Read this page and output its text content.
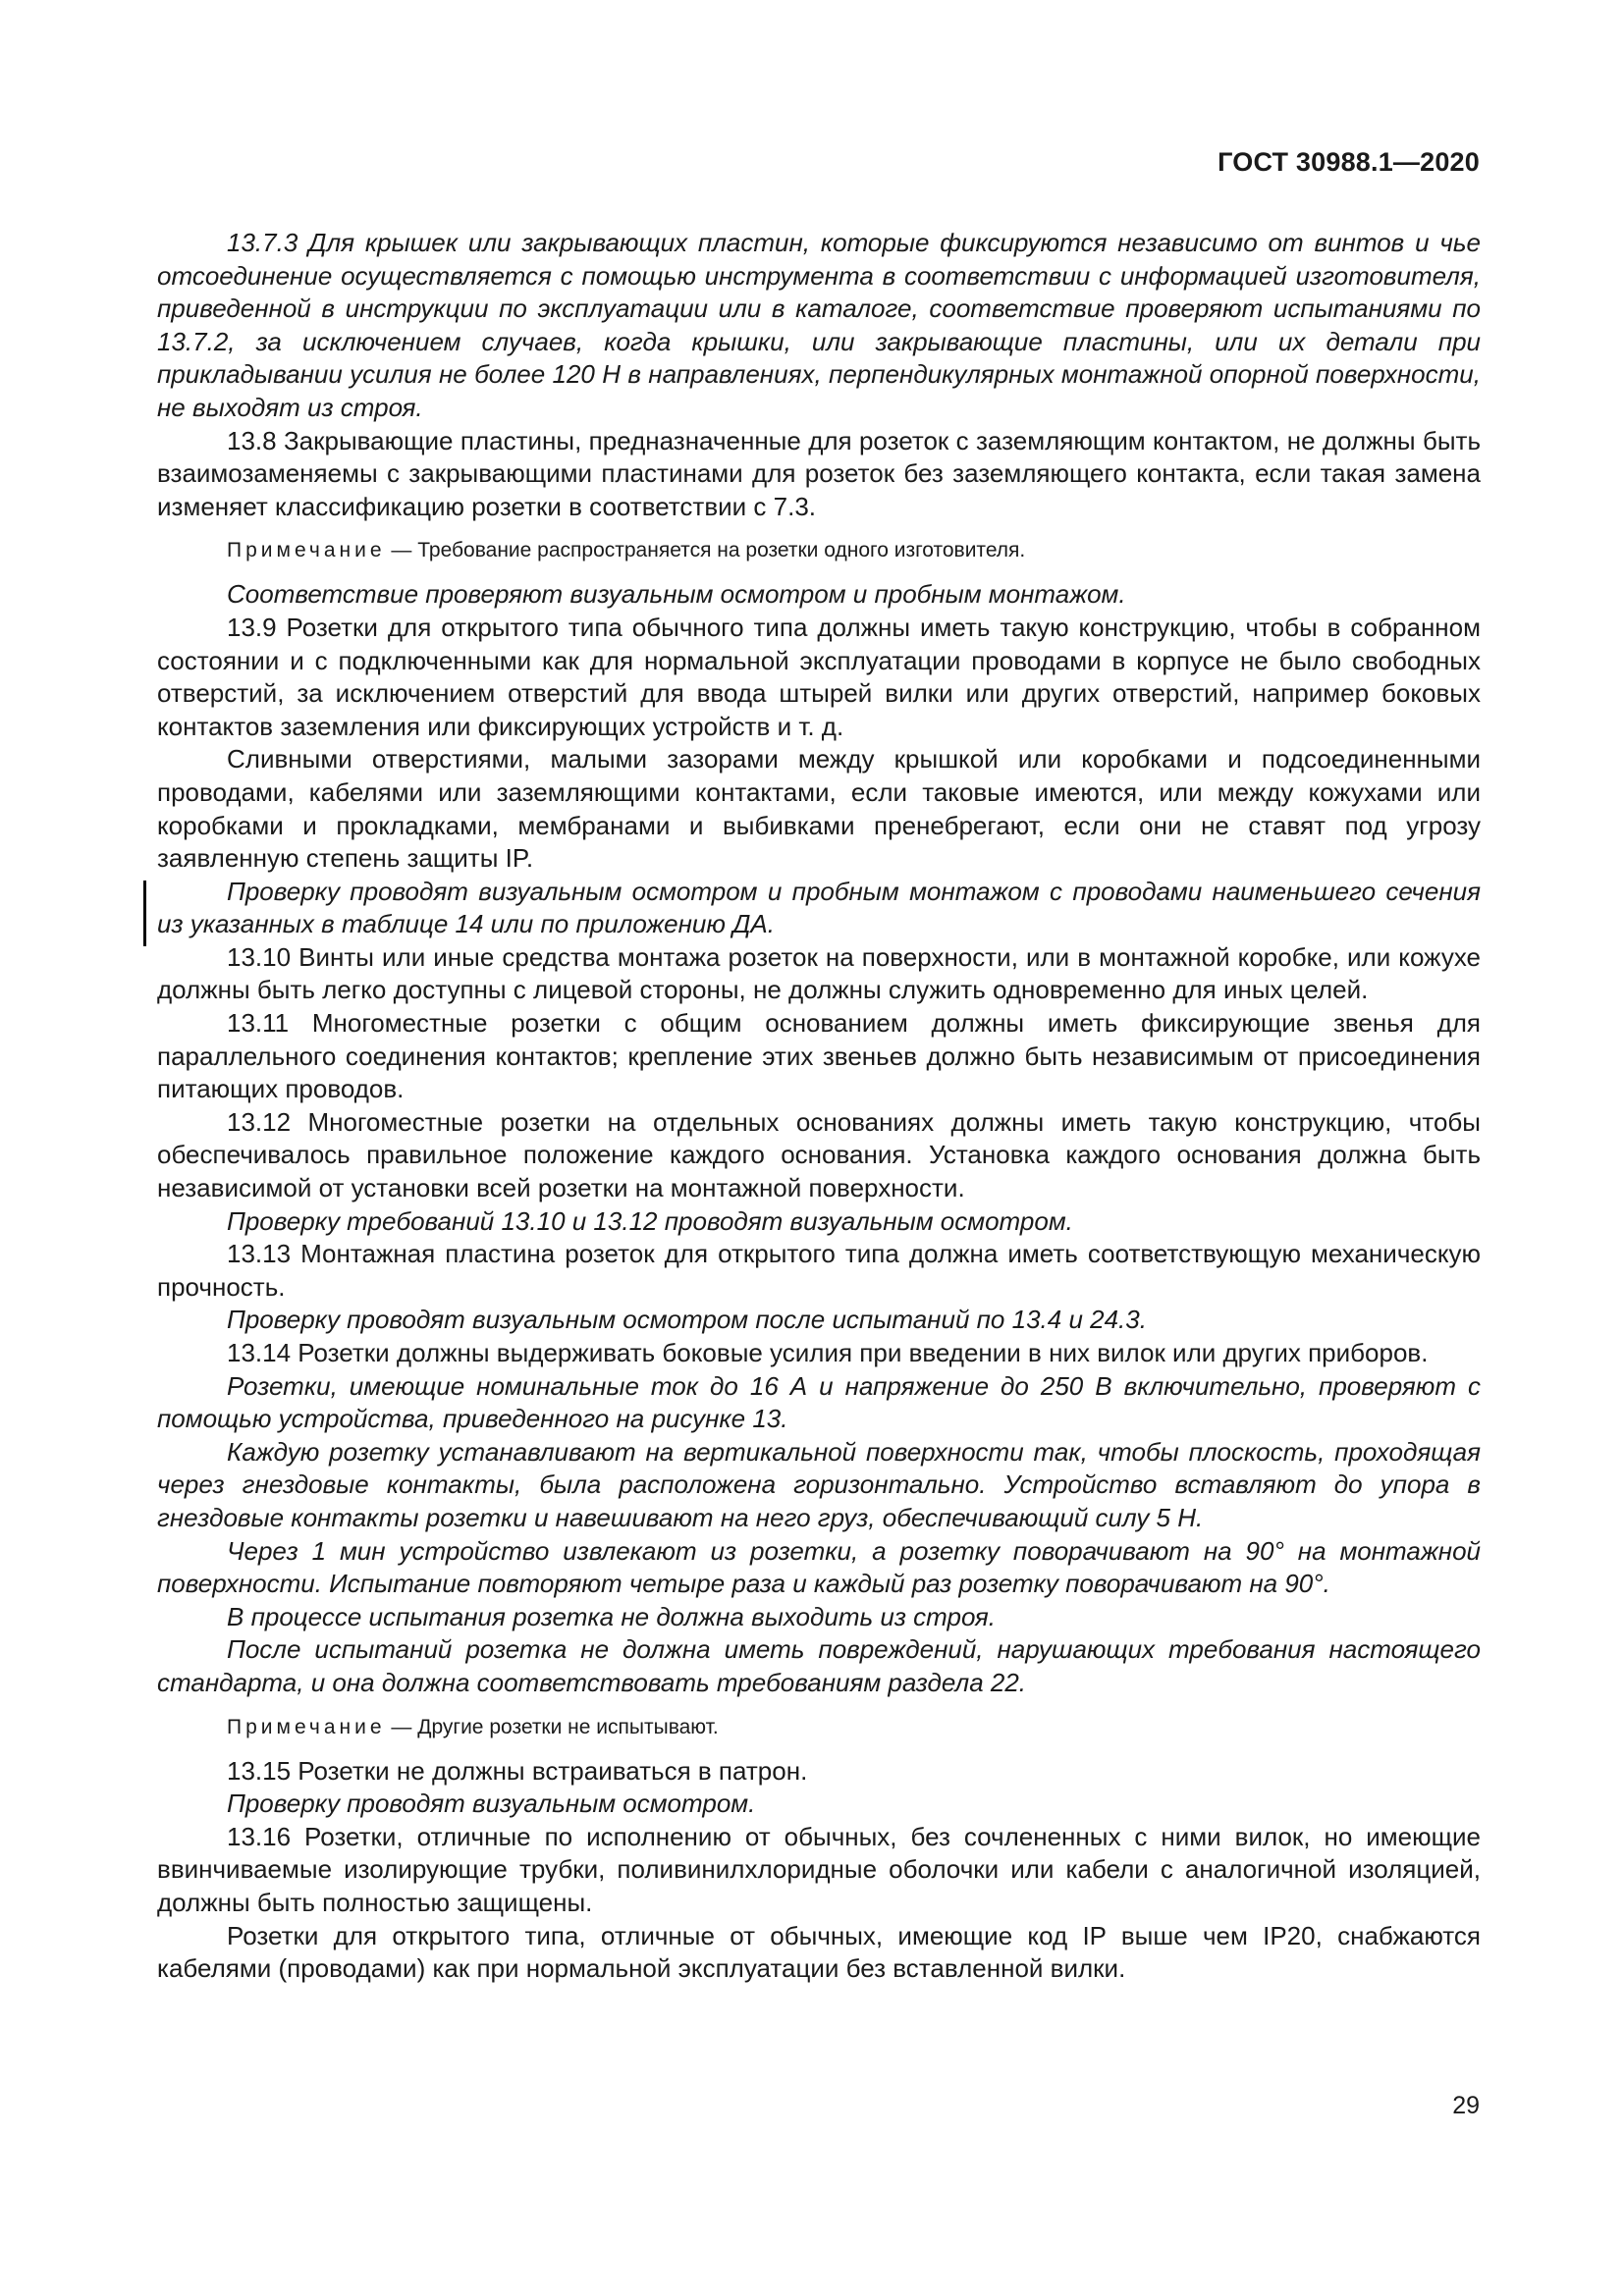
ГОСТ 30988.1—2020

13.7.3 Для крышек или закрывающих пластин, которые фиксируются независимо от винтов и чье отсоединение осуществляется с помощью инструмента в соответствии с информацией изготовителя, приведенной в инструкции по эксплуатации или в каталоге, соответствие проверяют испытаниями по 13.7.2, за исключением случаев, когда крышки, или закрывающие пластины, или их детали при прикладывании усилия не более 120 Н в направлениях, перпендикулярных монтажной опорной поверхности, не выходят из строя.

13.8 Закрывающие пластины, предназначенные для розеток с заземляющим контактом, не должны быть взаимозаменяемы с закрывающими пластинами для розеток без заземляющего контакта, если такая замена изменяет классификацию розетки в соответствии с 7.3.

Примечание — Требование распространяется на розетки одного изготовителя.

Соответствие проверяют визуальным осмотром и пробным монтажом.

13.9 Розетки для открытого типа обычного типа должны иметь такую конструкцию, чтобы в собранном состоянии и с подключенными как для нормальной эксплуатации проводами в корпусе не было свободных отверстий, за исключением отверстий для ввода штырей вилки или других отверстий, например боковых контактов заземления или фиксирующих устройств и т. д.

Сливными отверстиями, малыми зазорами между крышкой или коробками и подсоединенными проводами, кабелями или заземляющими контактами, если таковые имеются, или между кожухами или коробками и прокладками, мембранами и выбивками пренебрегают, если они не ставят под угрозу заявленную степень защиты IP.

Проверку проводят визуальным осмотром и пробным монтажом с проводами наименьшего сечения из указанных в таблице 14 или по приложению ДА.

13.10 Винты или иные средства монтажа розеток на поверхности, или в монтажной коробке, или кожухе должны быть легко доступны с лицевой стороны, не должны служить одновременно для иных целей.

13.11 Многоместные розетки с общим основанием должны иметь фиксирующие звенья для параллельного соединения контактов; крепление этих звеньев должно быть независимым от присоединения питающих проводов.

13.12 Многоместные розетки на отдельных основаниях должны иметь такую конструкцию, чтобы обеспечивалось правильное положение каждого основания. Установка каждого основания должна быть независимой от установки всей розетки на монтажной поверхности.

Проверку требований 13.10 и 13.12 проводят визуальным осмотром.

13.13 Монтажная пластина розеток для открытого типа должна иметь соответствующую механическую прочность.

Проверку проводят визуальным осмотром после испытаний по 13.4 и 24.3.

13.14 Розетки должны выдерживать боковые усилия при введении в них вилок или других приборов.

Розетки, имеющие номинальные ток до 16 А и напряжение до 250 В включительно, проверяют с помощью устройства, приведенного на рисунке 13.

Каждую розетку устанавливают на вертикальной поверхности так, чтобы плоскость, проходящая через гнездовые контакты, была расположена горизонтально. Устройство вставляют до упора в гнездовые контакты розетки и навешивают на него груз, обеспечивающий силу 5 Н.

Через 1 мин устройство извлекают из розетки, а розетку поворачивают на 90° на монтажной поверхности. Испытание повторяют четыре раза и каждый раз розетку поворачивают на 90°.

В процессе испытания розетка не должна выходить из строя.

После испытаний розетка не должна иметь повреждений, нарушающих требования настоящего стандарта, и она должна соответствовать требованиям раздела 22.

Примечание — Другие розетки не испытывают.

13.15 Розетки не должны встраиваться в патрон.

Проверку проводят визуальным осмотром.

13.16 Розетки, отличные по исполнению от обычных, без сочлененных с ними вилок, но имеющие ввинчиваемые изолирующие трубки, поливинилхлоридные оболочки или кабели с аналогичной изоляцией, должны быть полностью защищены.

Розетки для открытого типа, отличные от обычных, имеющие код IP выше чем IP20, снабжаются кабелями (проводами) как при нормальной эксплуатации без вставленной вилки.

29
